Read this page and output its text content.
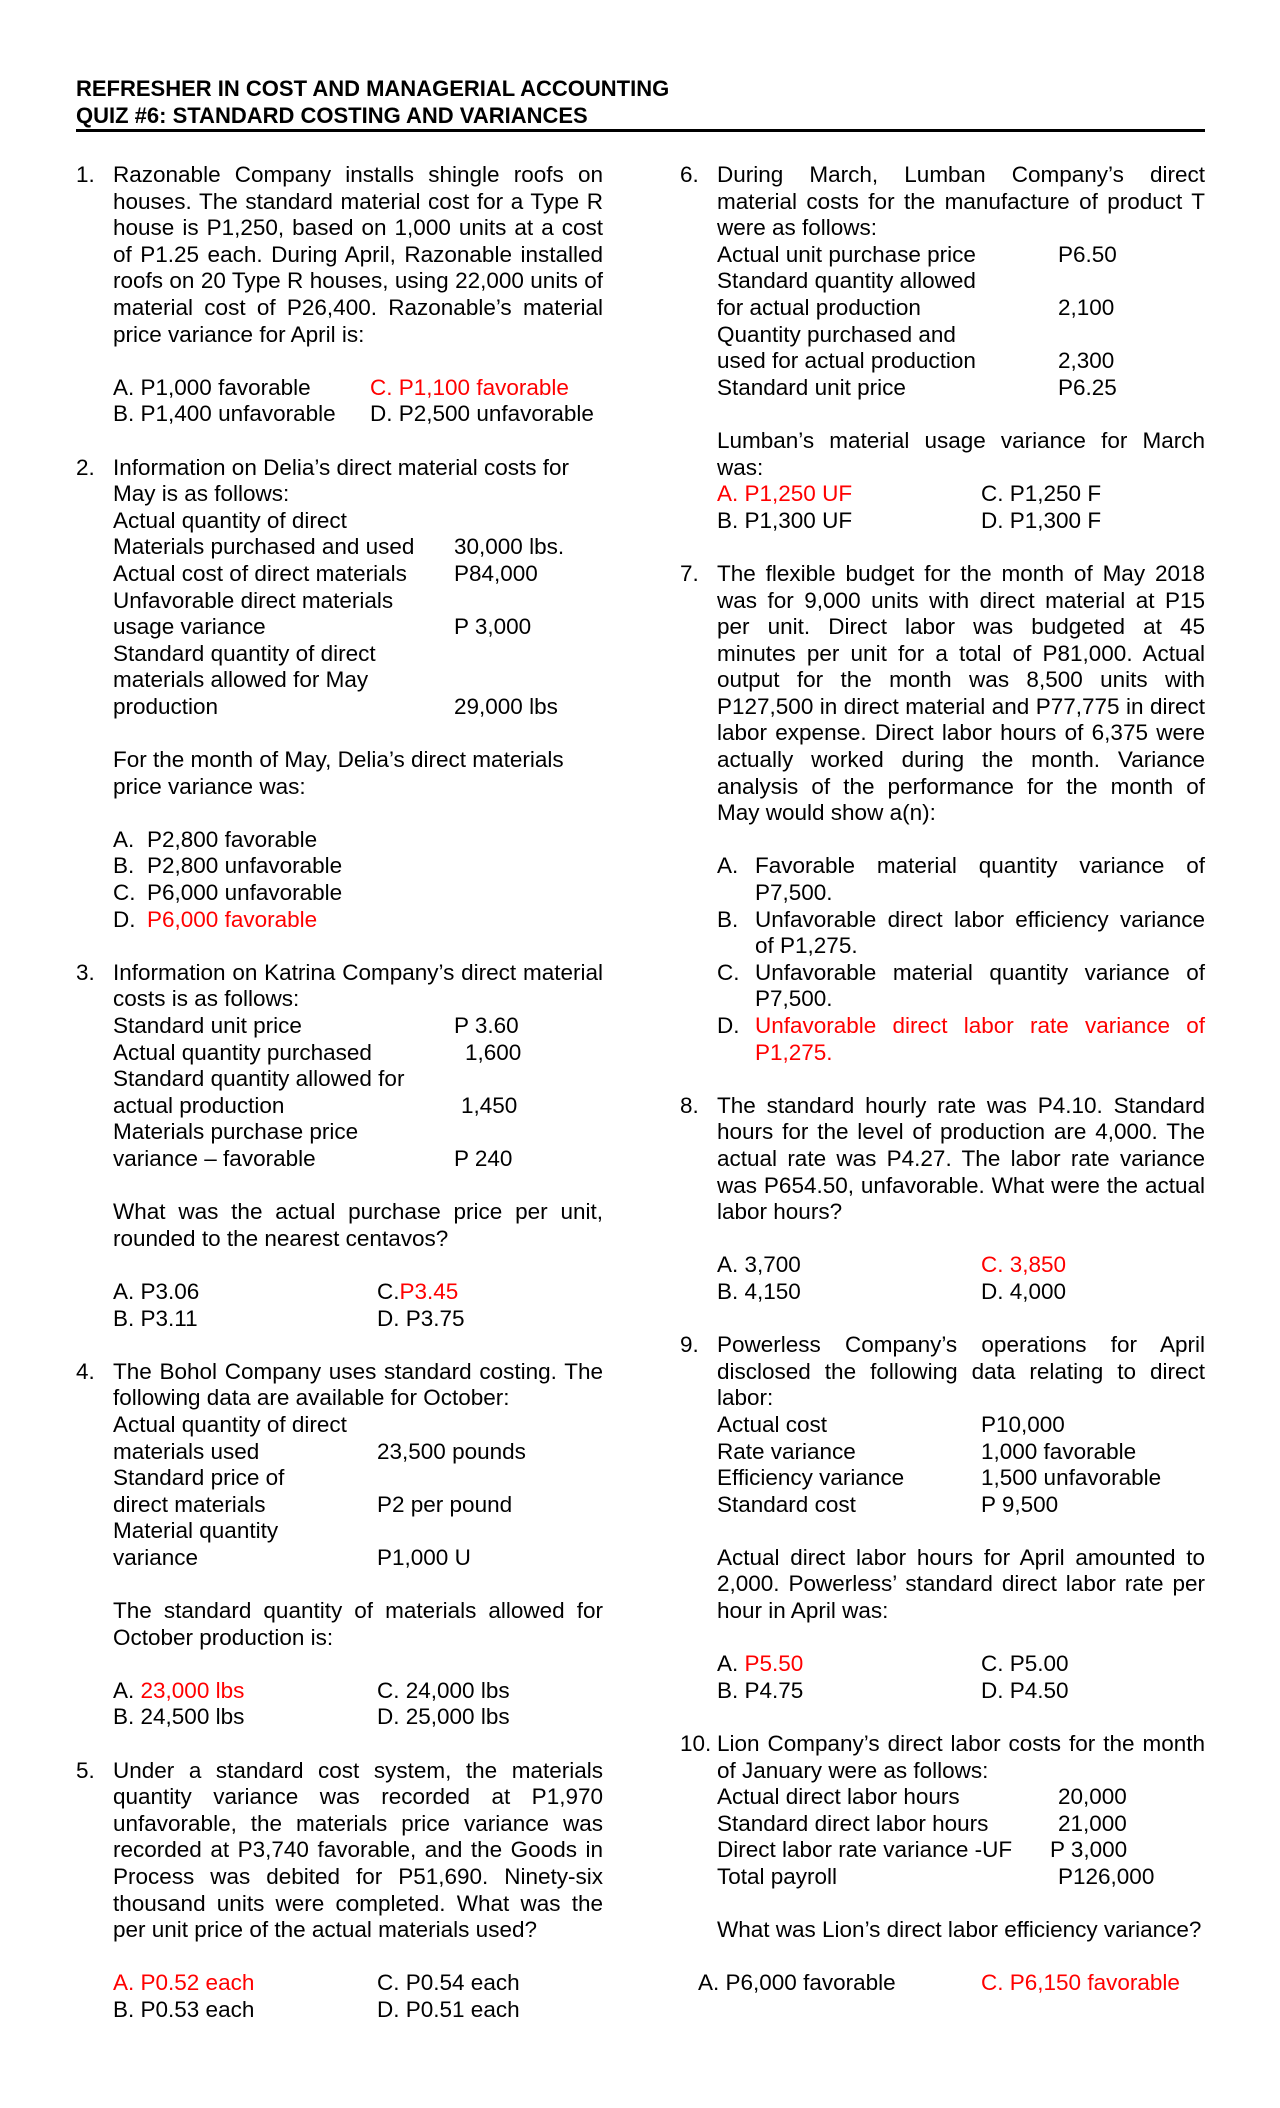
REFRESHER IN COST AND MANAGERIAL ACCOUNTING
QUIZ #6: STANDARD COSTING AND VARIANCES
1. Razonable Company installs shingle roofs on houses. The standard material cost for a Type R house is P1,250, based on 1,000 units at a cost of P1.25 each. During April, Razonable installed roofs on 20 Type R houses, using 22,000 units of material cost of P26,400. Razonable’s material price variance for April is:
A. P1,000 favorable	C. P1,100 favorable
B. P1,400 unfavorable	D. P2,500 unfavorable
2. Information on Delia’s direct material costs for May is as follows:
Actual quantity of direct
Materials purchased and used	30,000 lbs.
Actual cost of direct materials	P84,000
Unfavorable direct materials
usage variance	P 3,000
Standard quantity of direct
materials allowed for May
production	29,000 lbs
For the month of May, Delia’s direct materials price variance was:
A. P2,800 favorable
B. P2,800 unfavorable
C. P6,000 unfavorable
D. P6,000 favorable
3. Information on Katrina Company’s direct material costs is as follows:
Standard unit price	P 3.60
Actual quantity purchased	1,600
Standard quantity allowed for
actual production	1,450
Materials purchase price
variance – favorable	P 240
What was the actual purchase price per unit, rounded to the nearest centavos?
A. P3.06	C. P3.45
B. P3.11	D. P3.75
4. The Bohol Company uses standard costing. The following data are available for October:
Actual quantity of direct
materials used	23,500 pounds
Standard price of
direct materials	P2 per pound
Material quantity
variance	P1,000 U
The standard quantity of materials allowed for October production is:
A. 23,000 lbs	C. 24,000 lbs
B. 24,500 lbs	D. 25,000 lbs
5. Under a standard cost system, the materials quantity variance was recorded at P1,970 unfavorable, the materials price variance was recorded at P3,740 favorable, and the Goods in Process was debited for P51,690. Ninety-six thousand units were completed. What was the per unit price of the actual materials used?
A. P0.52 each	C. P0.54 each
B. P0.53 each	D. P0.51 each
6. During March, Lumban Company’s direct material costs for the manufacture of product T were as follows:
Actual unit purchase price	P6.50
Standard quantity allowed
for actual production	2,100
Quantity purchased and
used for actual production	2,300
Standard unit price	P6.25
Lumban’s material usage variance for March was:
A. P1,250 UF	C. P1,250 F
B. P1,300 UF	D. P1,300 F
7. The flexible budget for the month of May 2018 was for 9,000 units with direct material at P15 per unit. Direct labor was budgeted at 45 minutes per unit for a total of P81,000. Actual output for the month was 8,500 units with P127,500 in direct material and P77,775 in direct labor expense. Direct labor hours of 6,375 were actually worked during the month. Variance analysis of the performance for the month of May would show a(n):
A. Favorable material quantity variance of P7,500.
B. Unfavorable direct labor efficiency variance of P1,275.
C. Unfavorable material quantity variance of P7,500.
D. Unfavorable direct labor rate variance of P1,275.
8. The standard hourly rate was P4.10. Standard hours for the level of production are 4,000. The actual rate was P4.27. The labor rate variance was P654.50, unfavorable. What were the actual labor hours?
A. 3,700	C. 3,850
B. 4,150	D. 4,000
9. Powerless Company’s operations for April disclosed the following data relating to direct labor:
Actual cost	P10,000
Rate variance	1,000 favorable
Efficiency variance	1,500 unfavorable
Standard cost	P 9,500
Actual direct labor hours for April amounted to 2,000. Powerless’ standard direct labor rate per hour in April was:
A. P5.50	C. P5.00
B. P4.75	D. P4.50
10. Lion Company’s direct labor costs for the month of January were as follows:
Actual direct labor hours	20,000
Standard direct labor hours	21,000
Direct labor rate variance -UF	P 3,000
Total payroll	P126,000
What was Lion’s direct labor efficiency variance?
A. P6,000 favorable	C. P6,150 favorable
